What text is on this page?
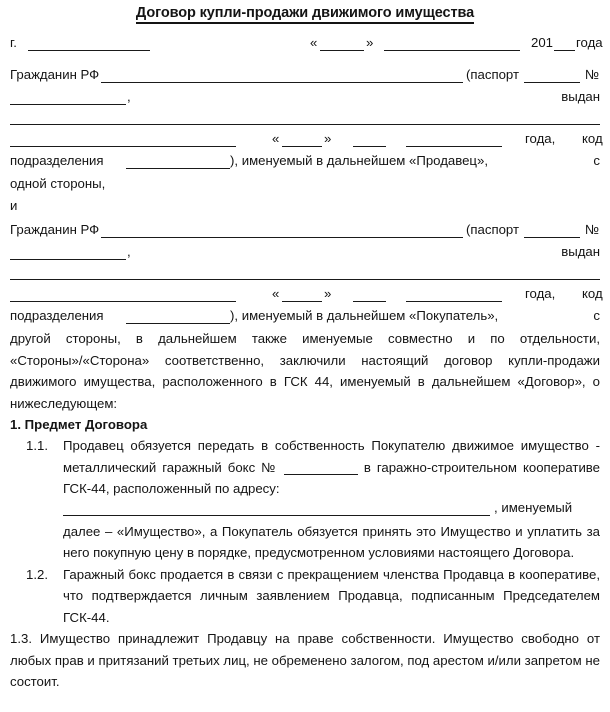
Договор купли-продажи движимого имущества
г.	«	»	201 года
Гражданин РФ	(паспорт	№
,	выдан
«	»	года, код
подразделения	), именуемый в дальнейшем «Продавец»,	с
одной стороны,
и
Гражданин РФ	(паспорт	№
,	выдан
«	»	года, код
подразделения	), именуемый в дальнейшем «Покупатель»,	с

другой стороны, в дальнейшем также именуемые совместно и по отдельности, «Стороны»/«Сторона» соответственно, заключили настоящий договор купли-продажи движимого имущества, расположенного в ГСК 44, именуемый в дальнейшем «Договор», о нижеследующем:

1. Предмет Договора

1.1. Продавец обязуется передать в собственность Покупателю движимое имущество - металлический гаражный бокс №	в гаражно-строительном кооперативе ГСК-44, расположенный по адресу:
, именуемый
далее – «Имущество», а Покупатель обязуется принять это Имущество и уплатить за него покупную цену в порядке, предусмотренном условиями настоящего Договора.
1.2. Гаражный бокс продается в связи с прекращением членства Продавца в кооперативе, что подтверждается личным заявлением Продавца, подписанным Председателем ГСК-44.

1.3. Имущество принадлежит Продавцу на праве собственности. Имущество свободно от любых прав и притязаний третьих лиц, не обременено залогом, под арестом и/или запретом не состоит.
